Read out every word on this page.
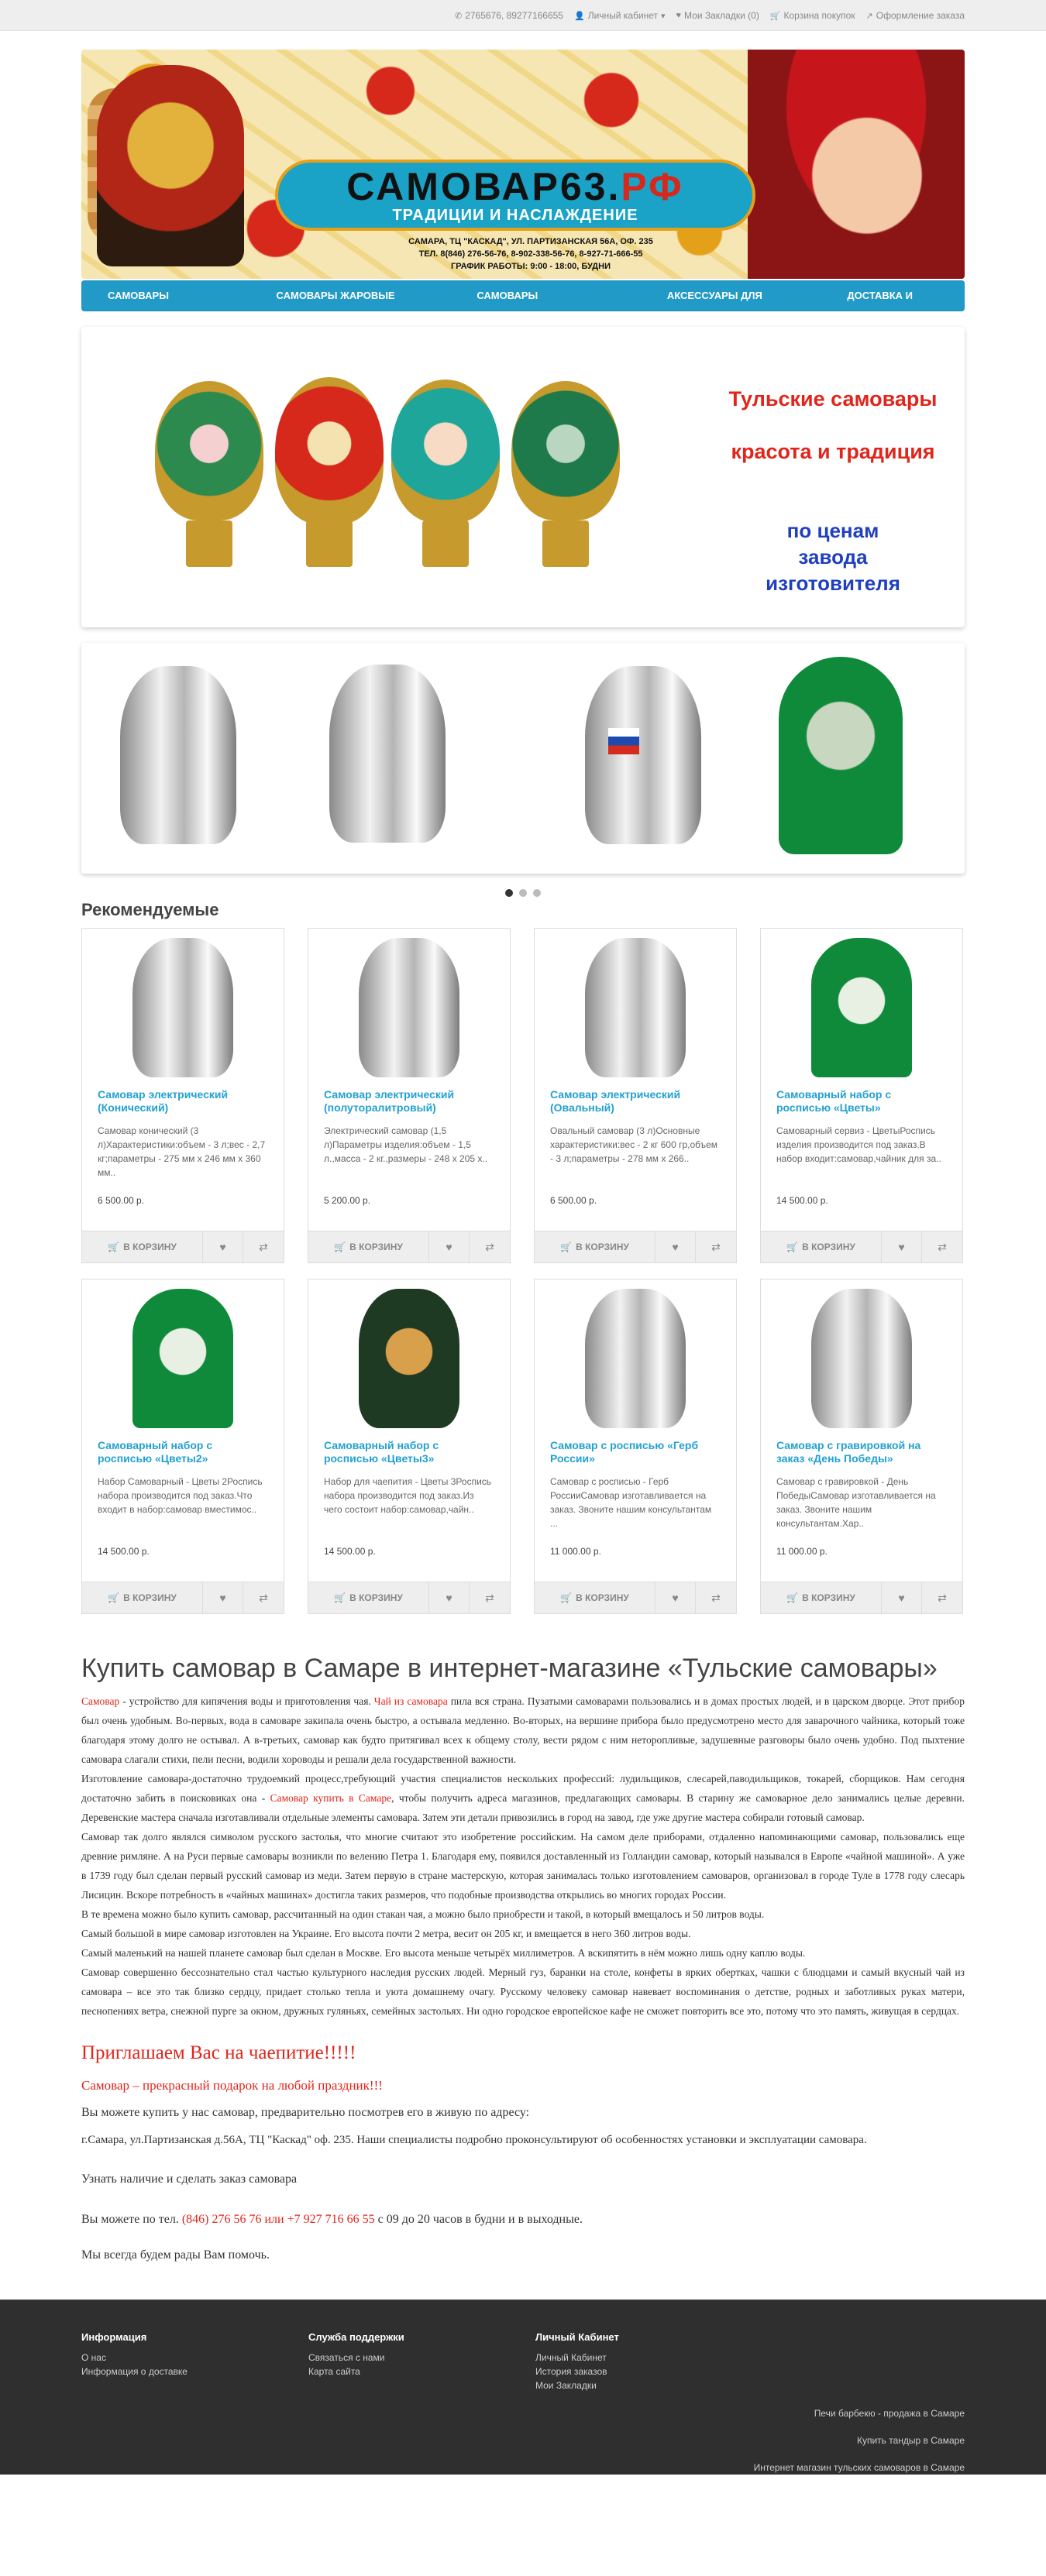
✆ 2765676, 89277166655 👤 Личный кабинет ▾ ♥ Мои Закладки (0) 🛒 Корзина покупок ↗ Оформление заказа
САМОВАР63.РФ
ТРАДИЦИИ И НАСЛАЖДЕНИЕ
САМАРА, ТЦ "КАСКАД", УЛ. ПАРТИЗАНСКАЯ 56А, ОФ. 235
ТЕЛ. 8(846) 276-56-76, 8-902-338-56-76, 8-927-71-666-55
ГРАФИК РАБОТЫ: 9:00 - 18:00, БУДНИ
САМОВАРЫ	САМОВАРЫ ЖАРОВЫЕ	САМОВАРЫ	АКСЕССУАРЫ ДЛЯ	ДОСТАВКА И
Тульские самовары
красота и традиция
по ценам
завода
изготовителя
Рекомендуемые
Самовар электрический (Конический)
Самовар конический (3 л)Характеристики:объем - 3 л;вес - 2,7 кг;параметры - 275 мм х 246 мм х 360 мм..
6 500.00 р.
🛒 В КОРЗИНУ	♥	⇄
Самовар электрический (полуторалитровый)
Электрический самовар (1,5 л)Параметры изделия:объем - 1,5 л.,масса - 2 кг.,размеры - 248 х 205 х..
5 200.00 р.
🛒 В КОРЗИНУ	♥	⇄
Самовар электрический (Овальный)
Овальный самовар (3 л)Основные характеристики:вес - 2 кг 600 гр,объем - 3 л;параметры - 278 мм х 266..
6 500.00 р.
🛒 В КОРЗИНУ	♥	⇄
Самоварный набор с росписью «Цветы»
Самоварный сервиз - ЦветыРоспись изделия производится под заказ.В набор входит:самовар,чайник для за..
14 500.00 р.
🛒 В КОРЗИНУ	♥	⇄
Самоварный набор с росписью «Цветы2»
Набор Самоварный - Цветы 2Роспись набора производится под заказ.Что входит в набор:самовар вместимос..
14 500.00 р.
🛒 В КОРЗИНУ	♥	⇄
Самоварный набор с росписью «Цветы3»
Набор для чаепития - Цветы 3Роспись набора производится под заказ.Из чего состоит набор:самовар,чайн..
14 500.00 р.
🛒 В КОРЗИНУ	♥	⇄
Самовар с росписью «Герб России»
Самовар с росписью - Герб РоссииСамовар изготавливается на заказ. Звоните нашим консультантам ...
11 000.00 р.
🛒 В КОРЗИНУ	♥	⇄
Самовар с гравировкой на заказ «День Победы»
Самовар с гравировкой - День ПобедыСамовар изготавливается на заказ. Звоните нашим консультантам.Хар..
11 000.00 р.
🛒 В КОРЗИНУ	♥	⇄
Купить самовар в Самаре в интернет-магазине «Тульские самовары»

Самовар - устройство для кипячения воды и приготовления чая. Чай из самовара пила вся страна. Пузатыми самоварами пользовались и в домах простых людей, и в царском дворце. Этот прибор был очень удобным. Во-первых, вода в самоваре закипала очень быстро, а остывала медленно. Во-вторых, на вершине прибора было предусмотрено место для заварочного чайника, который тоже благодаря этому долго не остывал. А в-третьих, самовар как будто притягивал всех к общему столу, вести рядом с ним неторопливые, задушевные разговоры было очень удобно. Под пыхтение самовара слагали стихи, пели песни, водили хороводы и решали дела государственной важности.

Изготовление самовара-достаточно трудоемкий процесс,требующий участия специалистов нескольких профессий: лудильщиков, слесарей,паводильщиков, токарей, сборщиков. Нам сегодня достаточно забить в поисковиках она - Самовар купить в Самаре, чтобы получить адреса магазинов, предлагающих самовары. В старину же самоварное дело занимались целые деревни. Деревенские мастера сначала изготавливали отдельные элементы самовара. Затем эти детали привозились в город на завод, где уже другие мастера собирали готовый самовар.

Самовар так долго являлся символом русского застолья, что многие считают это изобретение российским. На самом деле приборами, отдаленно напоминающими самовар, пользовались еще древние римляне. А на Руси первые самовары возникли по велению Петра 1. Благодаря ему, появился доставленный из Голландии самовар, который назывался в Европе «чайной машиной». А уже в 1739 году был сделан первый русский самовар из меди. Затем первую в стране мастерскую, которая занималась только изготовлением самоваров, организовал в городе Туле в 1778 году слесарь Лисицин. Вскоре потребность в «чайных машинах» достигла таких размеров, что подобные производства открылись во многих городах России.

В те времена можно было купить самовар, рассчитанный на один стакан чая, а можно было приобрести и такой, в который вмещалось и 50 литров воды.

Самый большой в мире самовар изготовлен на Украине. Его высота почти 2 метра, весит он 205 кг, и вмещается в него 360 литров воды.

Самый маленький на нашей планете самовар был сделан в Москве. Его высота меньше четырёх миллиметров. А вскипятить в нём можно лишь одну каплю воды.

Самовар совершенно бесcознательно стал частью культурного наследия русских людей. Мерный гуз, баранки на столе, конфеты в ярких обертках, чашки с блюдцами и самый вкусный чай из самовара – все это так близко сердцу, придает столько тепла и уюта домашнему очагу. Русскому человеку самовар навевает воспоминания о детстве, родных и заботливых руках матери, песнопениях ветра, снежной пурге за окном, дружных гуляньях, семейных застольях. Ни одно городское европейское кафе не сможет повторить все это, потому что это память, живущая в сердцах.

Приглашаем Вас на чаепитие!!!!!
Самовар – прекрасный подарок на любой праздник!!!
Вы можете купить у нас самовар, предварительно посмотрев его в живую по адресу:
г.Самара, ул.Партизанская д.56А, ТЦ "Каскад" оф. 235. Наши специалисты подробно проконсультируют об особенностях установки и эксплуатации самовара.
Узнать наличие и сделать заказ самовара
Вы можете по тел. (846) 276 56 76 или +7 927 716 66 55 с 09 до 20 часов в будни и в выходные.
Мы всегда будем рады Вам помочь.
Информация
О нас
Информация о доставке
Служба поддержки
Связаться с нами
Карта сайта
Личный Кабинет
Личный Кабинет
История заказов
Мои Закладки
Печи барбекю - продажа в Самаре
Купить тандыр в Самаре
Интернет магазин тульских самоваров в Самаре
